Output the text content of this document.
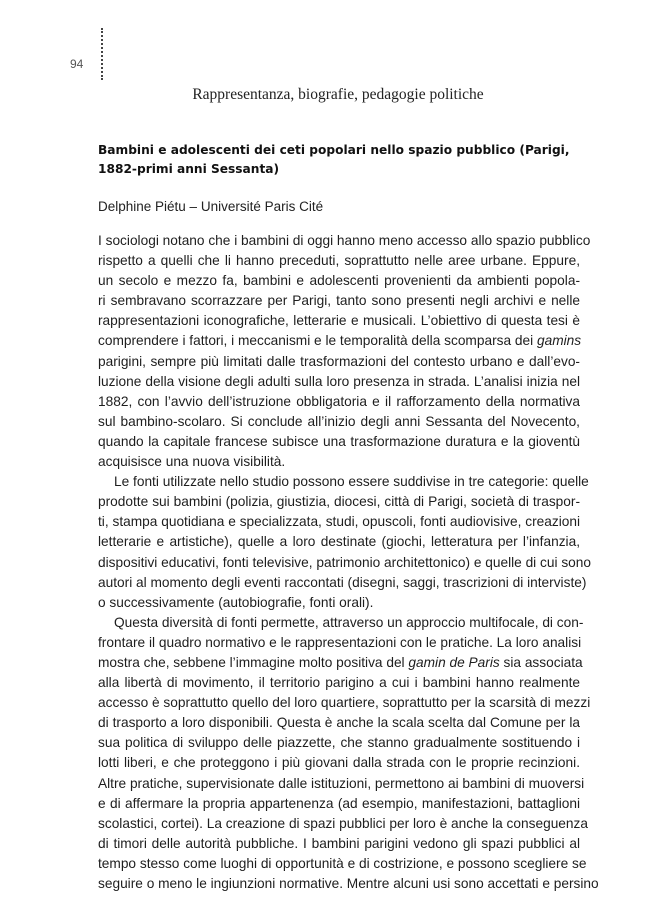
94
Rappresentanza, biografie, pedagogie politiche
Bambini e adolescenti dei ceti popolari nello spazio pubblico (Parigi,
1882-primi anni Sessanta)
Delphine Piétu – Université Paris Cité
I sociologi notano che i bambini di oggi hanno meno accesso allo spazio pubblico
rispetto a quelli che li hanno preceduti, soprattutto nelle aree urbane. Eppure,
un secolo e mezzo fa, bambini e adolescenti provenienti da ambienti popola-
ri sembravano scorrazzare per Parigi, tanto sono presenti negli archivi e nelle
rappresentazioni iconografiche, letterarie e musicali. L’obiettivo di questa tesi è
comprendere i fattori, i meccanismi e le temporalità della scomparsa dei gamins
parigini, sempre più limitati dalle trasformazioni del contesto urbano e dall’evo-
luzione della visione degli adulti sulla loro presenza in strada. L’analisi inizia nel
1882, con l’avvio dell’istruzione obbligatoria e il rafforzamento della normativa
sul bambino-scolaro. Si conclude all’inizio degli anni Sessanta del Novecento,
quando la capitale francese subisce una trasformazione duratura e la gioventù
acquisisce una nuova visibilità.
Le fonti utilizzate nello studio possono essere suddivise in tre categorie: quelle
prodotte sui bambini (polizia, giustizia, diocesi, città di Parigi, società di traspor-
ti, stampa quotidiana e specializzata, studi, opuscoli, fonti audiovisive, creazioni
letterarie e artistiche), quelle a loro destinate (giochi, letteratura per l’infanzia,
dispositivi educativi, fonti televisive, patrimonio architettonico) e quelle di cui sono
autori al momento degli eventi raccontati (disegni, saggi, trascrizioni di interviste)
o successivamente (autobiografie, fonti orali).
Questa diversità di fonti permette, attraverso un approccio multifocale, di con-
frontare il quadro normativo e le rappresentazioni con le pratiche. La loro analisi
mostra che, sebbene l’immagine molto positiva del gamin de Paris sia associata
alla libertà di movimento, il territorio parigino a cui i bambini hanno realmente
accesso è soprattutto quello del loro quartiere, soprattutto per la scarsità di mezzi
di trasporto a loro disponibili. Questa è anche la scala scelta dal Comune per la
sua politica di sviluppo delle piazzette, che stanno gradualmente sostituendo i
lotti liberi, e che proteggono i più giovani dalla strada con le proprie recinzioni.
Altre pratiche, supervisionate dalle istituzioni, permettono ai bambini di muoversi
e di affermare la propria appartenenza (ad esempio, manifestazioni, battaglioni
scolastici, cortei). La creazione di spazi pubblici per loro è anche la conseguenza
di timori delle autorità pubbliche. I bambini parigini vedono gli spazi pubblici al
tempo stesso come luoghi di opportunità e di costrizione, e possono scegliere se
seguire o meno le ingiunzioni normative. Mentre alcuni usi sono accettati e persino
